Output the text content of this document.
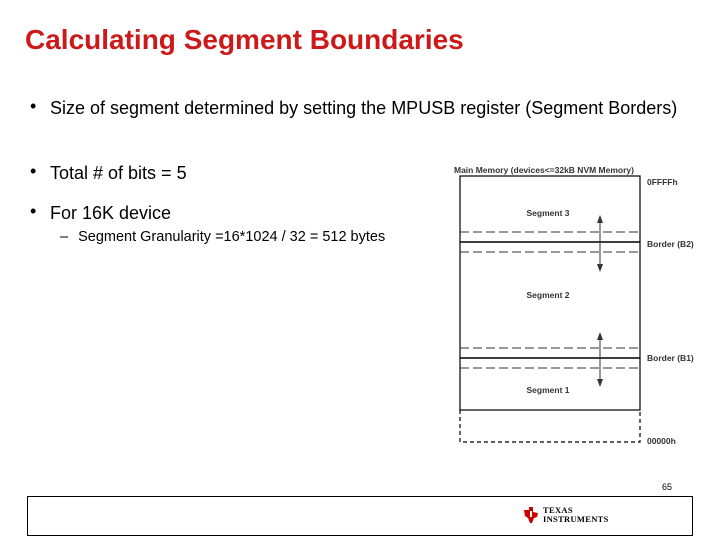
Calculating Segment Boundaries
• Size of segment determined by setting the MPUSB register (Segment Borders)
• Total # of bits = 5
• For 16K device
– Segment Granularity =16*1024 / 32 = 512 bytes
Main Memory (devices<=32kB NVM Memory)
0FFFFh
00000h
Border (B2)
Border (B1)
Segment 3
Segment 2
Segment 1
65
TEXAS
INSTRUMENTS
